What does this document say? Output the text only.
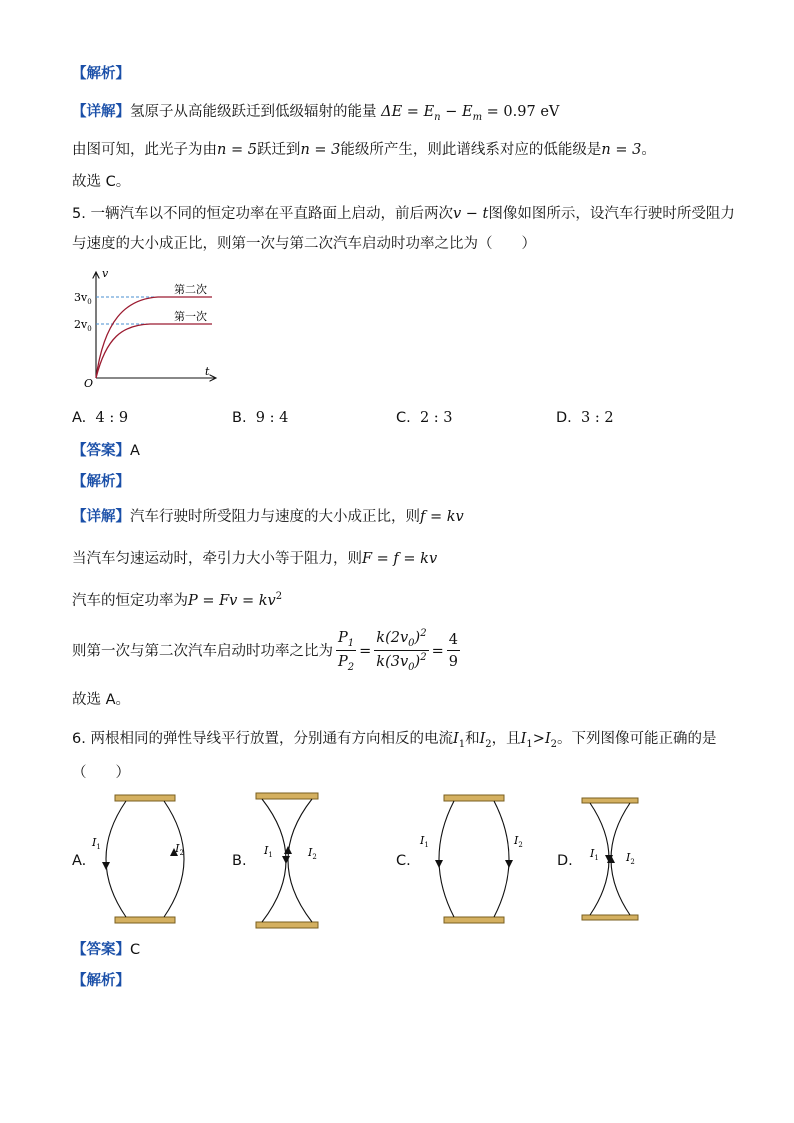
【解析】
【详解】氢原子从高能级跃迁到低级辐射的能量 $\Delta E = E_n - E_m = 0.97$ eV
由图可知，此光子为由n = 5跃迁到n = 3能级所产生，则此谱线系对应的低能级是n = 3。
故选 C。
5. 一辆汽车以不同的恒定功率在平直路面上启动，前后两次v − t图像如图所示，设汽车行驶时所受阻力
与速度的大小成正比，则第一次与第二次汽车启动时功率之比为（　　）
v
t
O
$3v_0$
$2v_0$
第二次
第一次
A. 4 : 9	B. 9 : 4	C. 2 : 3	D. 3 : 2
【答案】A
【解析】
【详解】汽车行驶时所受阻力与速度的大小成正比，则f = kv
当汽车匀速运动时，牵引力大小等于阻力，则F = f = kv
汽车的恒定功率为$P = Fv = kv^2$
则第一次与第二次汽车启动时功率之比为 $\frac{P_1}{P_2} = \frac{k(2v_0)^2}{k(3v_0)^2} = \frac{4}{9}$
故选 A。
6. 两根相同的弹性导线平行放置，分别通有方向相反的电流$I_1$和$I_2$，且$I_1>I_2$。下列图像可能正确的是
（　　）
A.	B.	C.	D.
$I_1$	$I_2$	$I_1$	$I_2$
$I_1$	$I_2$
$I_1$ $I_2$
【答案】C
【解析】
